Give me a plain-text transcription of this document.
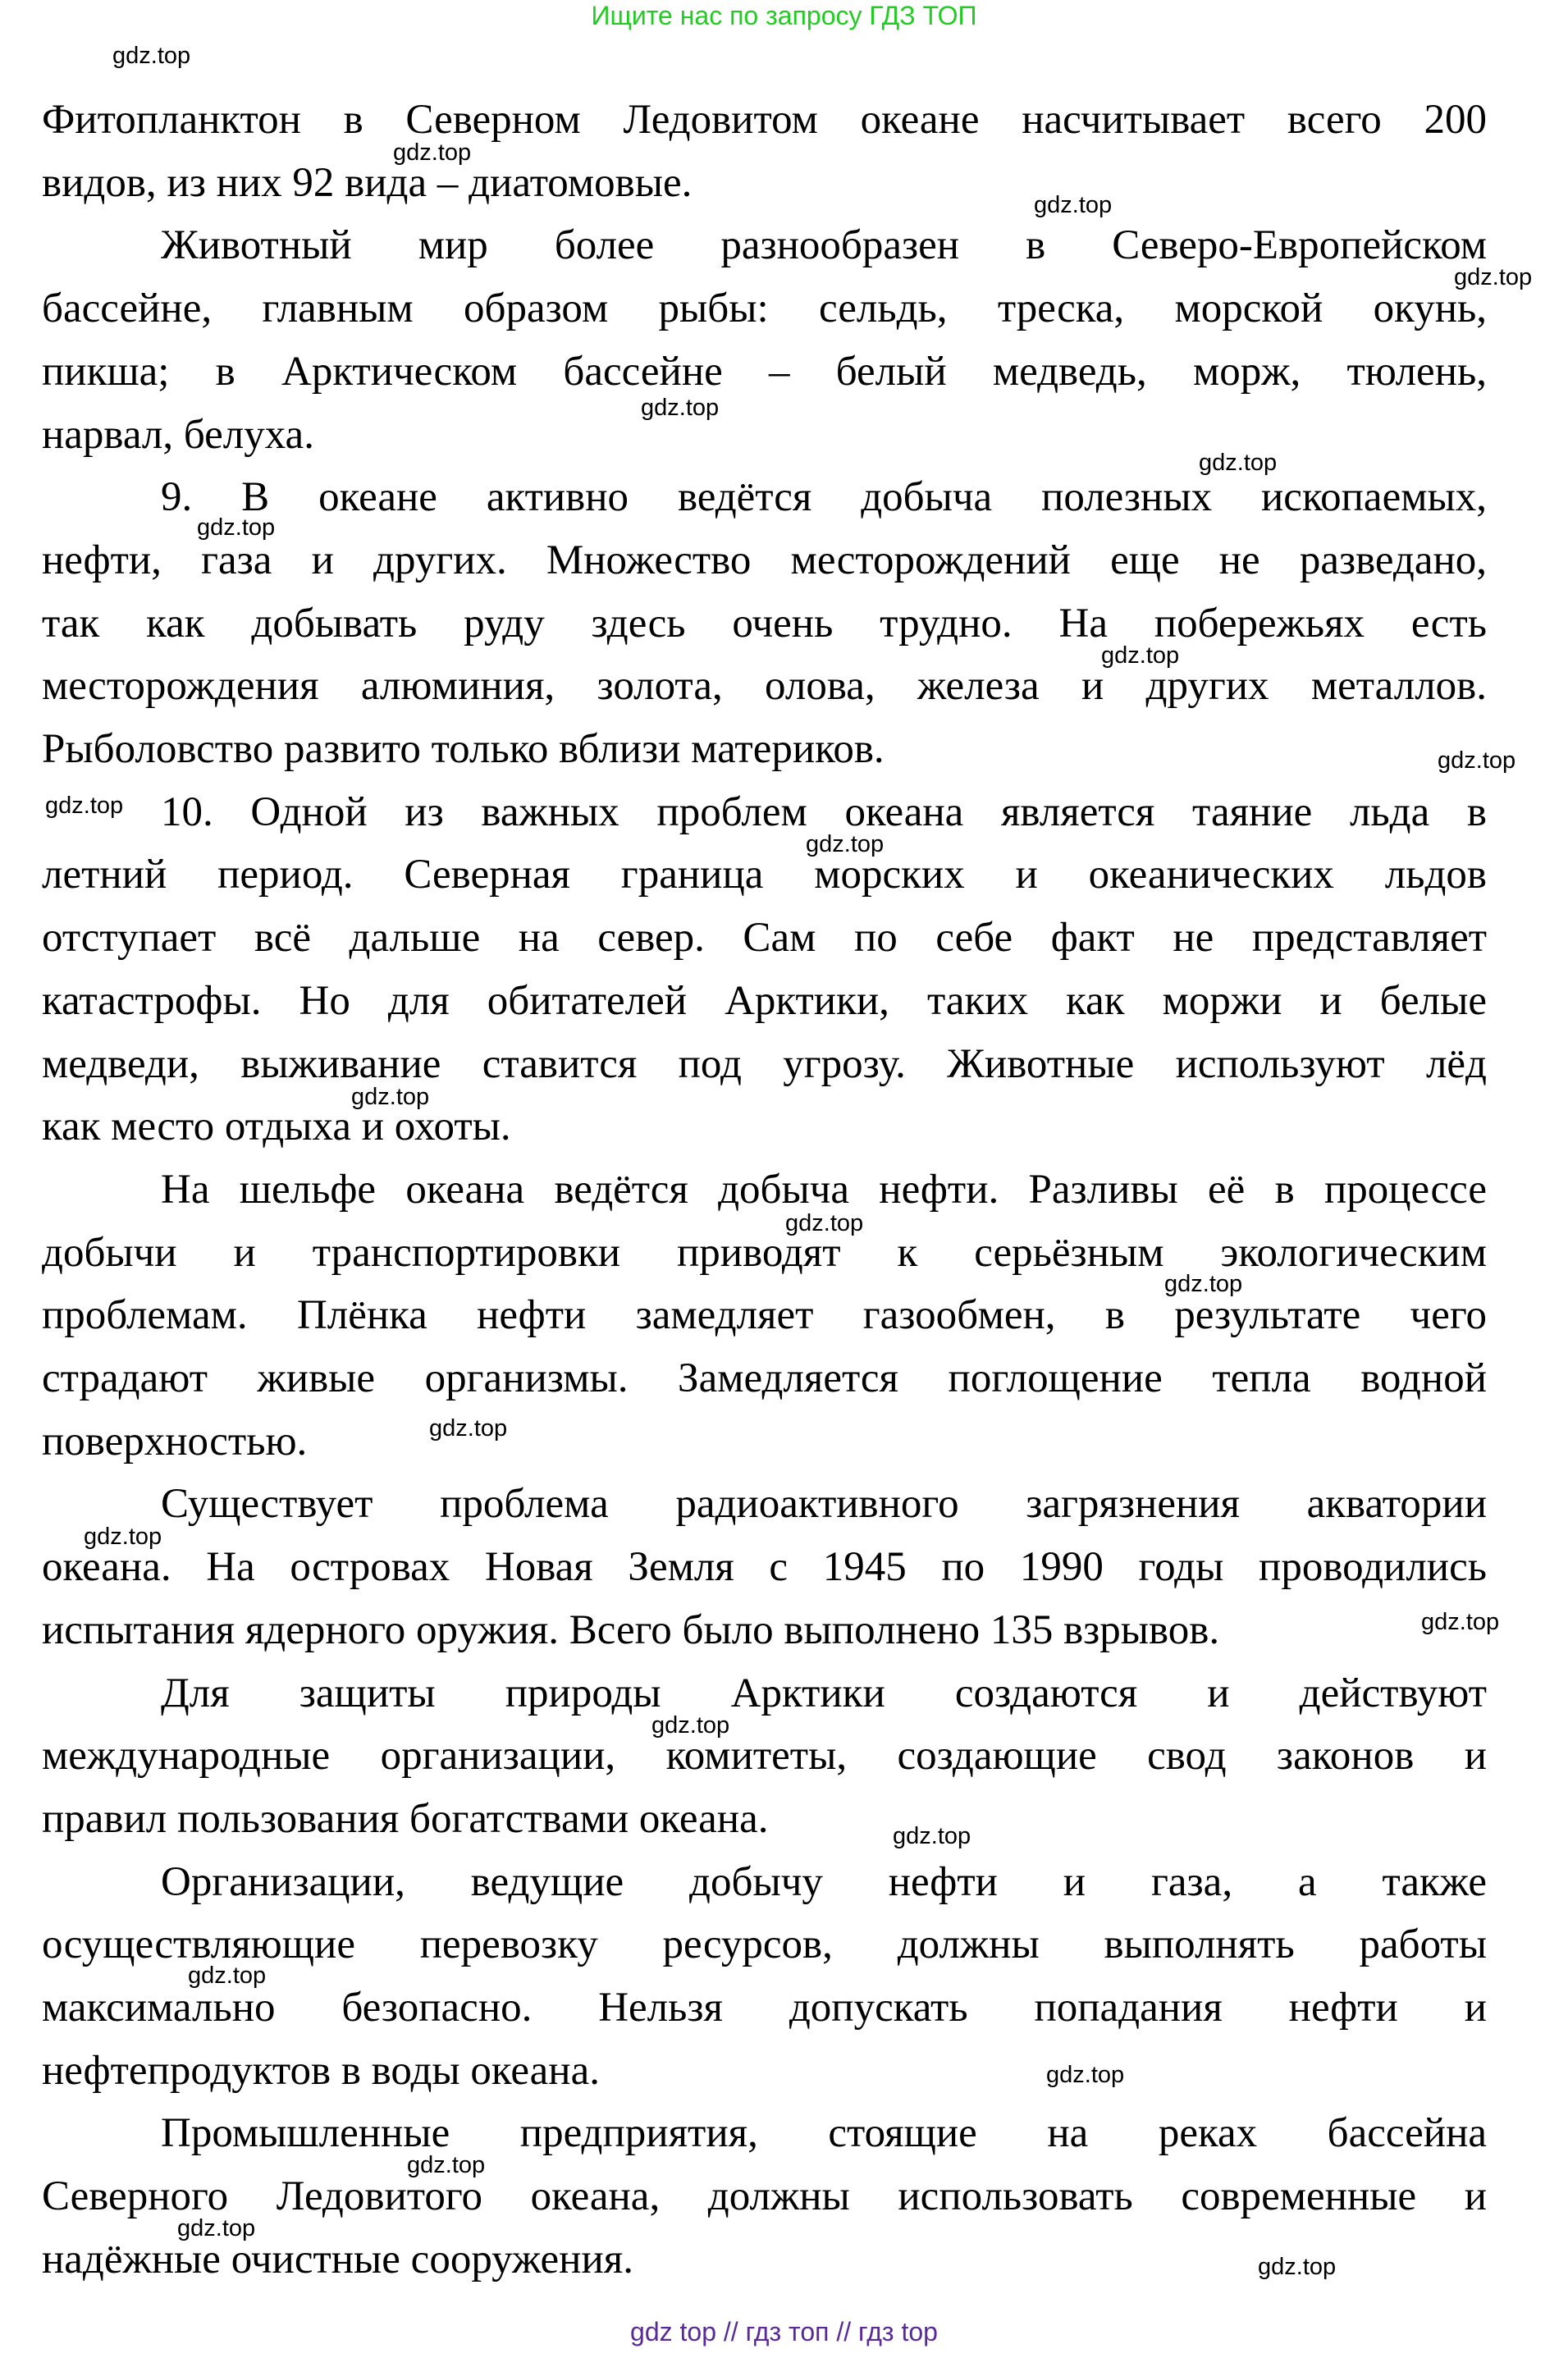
Ищите нас по запросу ГДЗ ТОП
Фитопланктон в Северном Ледовитом океане насчитывает всего 200
видов, из них 92 вида – диатомовые.
Животный мир более разнообразен в Северо-Европейском
бассейне, главным образом рыбы: сельдь, треска, морской окунь,
пикша; в Арктическом бассейне – белый медведь, морж, тюлень,
нарвал, белуха.
9. В океане активно ведётся добыча полезных ископаемых,
нефти, газа и других. Множество месторождений еще не разведано,
так как добывать руду здесь очень трудно. На побережьях есть
месторождения алюминия, золота, олова, железа и других металлов.
Рыболовство развито только вблизи материков.
10. Одной из важных проблем океана является таяние льда в
летний период. Северная граница морских и океанических льдов
отступает всё дальше на север. Сам по себе факт не представляет
катастрофы. Но для обитателей Арктики, таких как моржи и белые
медведи, выживание ставится под угрозу. Животные используют лёд
как место отдыха и охоты.
На шельфе океана ведётся добыча нефти. Разливы её в процессе
добычи и транспортировки приводят к серьёзным экологическим
проблемам. Плёнка нефти замедляет газообмен, в результате чего
страдают живые организмы. Замедляется поглощение тепла водной
поверхностью.
Существует проблема радиоактивного загрязнения акватории
океана. На островах Новая Земля с 1945 по 1990 годы проводились
испытания ядерного оружия. Всего было выполнено 135 взрывов.
Для защиты природы Арктики создаются и действуют
международные организации, комитеты, создающие свод законов и
правил пользования богатствами океана.
Организации, ведущие добычу нефти и газа, а также
осуществляющие перевозку ресурсов, должны выполнять работы
максимально безопасно. Нельзя допускать попадания нефти и
нефтепродуктов в воды океана.
Промышленные предприятия, стоящие на реках бассейна
Северного Ледовитого океана, должны использовать современные и
надёжные очистные сооружения.
gdz top // гдз топ // гдз top
gdz.top
gdz.top
gdz.top
gdz.top
gdz.top
gdz.top
gdz.top
gdz.top
gdz.top
gdz.top
gdz.top
gdz.top
gdz.top
gdz.top
gdz.top
gdz.top
gdz.top
gdz.top
gdz.top
gdz.top
gdz.top
gdz.top
gdz.top
gdz.top
